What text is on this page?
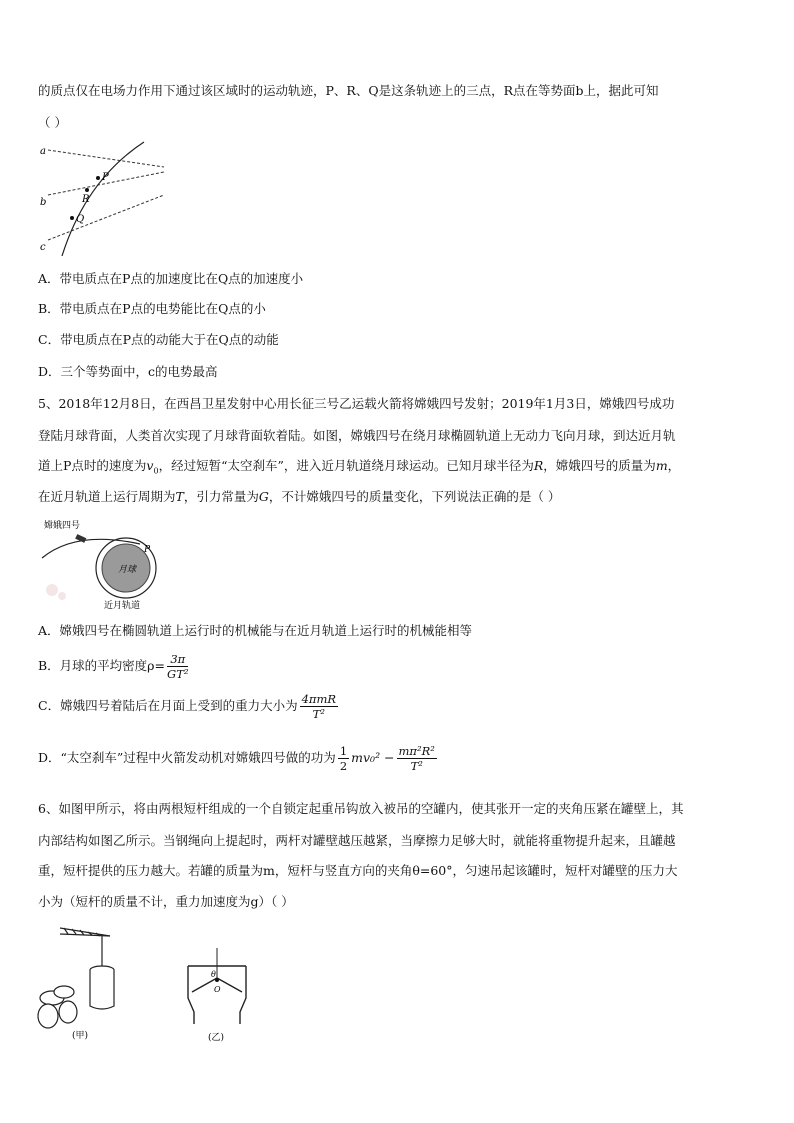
的质点仅在电场力作用下通过该区域时的运动轨迹，P、R、Q是这条轨迹上的三点，R点在等势面b上，据此可知
（ ）
a
b
c
P
R
Q
A．带电质点在P点的加速度比在Q点的加速度小
B．带电质点在P点的电势能比在Q点的小
C．带电质点在P点的动能大于在Q点的动能
D．三个等势面中，c的电势最高
5、2018年12月8日，在西昌卫星发射中心用长征三号乙运载火箭将嫦娥四号发射；2019年1月3日，嫦娥四号成功
登陆月球背面，人类首次实现了月球背面软着陆。如图，嫦娥四号在绕月球椭圆轨道上无动力飞向月球，到达近月轨
道上P点时的速度为$v_0$，经过短暂“太空刹车”，进入近月轨道绕月球运动。已知月球半径为R，嫦娥四号的质量为m，
在近月轨道上运行周期为T，引力常量为G，不计嫦娥四号的质量变化，下列说法正确的是（ ）
嫦娥四号
月球
P
近月轨道
A．嫦娥四号在椭圆轨道上运行时的机械能与在近月轨道上运行时的机械能相等
B．月球的平均密度$\rho= \frac{3\pi}{\text{GT²}}$
C．嫦娥四号着陆后在月面上受到的重力大小为 $\frac{\text{4πmR}}{\text{T²}}$
D．“太空刹车”过程中火箭发动机对嫦娥四号做的功为 $\frac{1}{2} mv_0^2 - \frac{\text{mπ²R²}}{\text{T²}}$
6、如图甲所示，将由两根短杆组成的一个自锁定起重吊钩放入被吊的空罐内，使其张开一定的夹角压紧在罐壁上，其
内部结构如图乙所示。当钢绳向上提起时，两杆对罐壁越压越紧，当摩擦力足够大时，就能将重物提升起来，且罐越
重，短杆提供的压力越大。若罐的质量为m，短杆与竖直方向的夹角θ=60°，匀速吊起该罐时，短杆对罐壁的压力大
小为（短杆的质量不计，重力加速度为g）（ ）
(甲)
θ
O
(乙)
